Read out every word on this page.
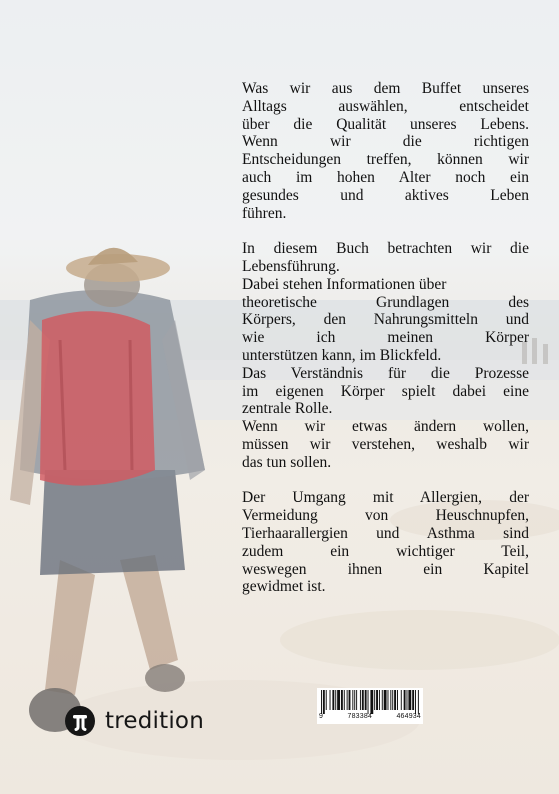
Was wir aus dem Buffet unseres
Alltags auswählen, entscheidet
über die Qualität unseres Lebens.
Wenn wir die richtigen
Entscheidungen treffen, können wir
auch im hohen Alter noch ein
gesundes und aktives Leben
führen.
In diesem Buch betrachten wir die
Lebensführung.
Dabei stehen Informationen über
theoretische Grundlagen des
Körpers, den Nahrungsmitteln und
wie ich meinen Körper
unterstützen kann, im Blickfeld.
Das Verständnis für die Prozesse
im eigenen Körper spielt dabei eine
zentrale Rolle.
Wenn wir etwas ändern wollen,
müssen wir verstehen, weshalb wir
das tun sollen.
Der Umgang mit Allergien, der
Vermeidung von Heuschnupfen,
Tierhaarallergien und Asthma sind
zudem ein wichtiger Teil,
weswegen ihnen ein Kapitel
gewidmet ist.
9	783384	464934
tredition
